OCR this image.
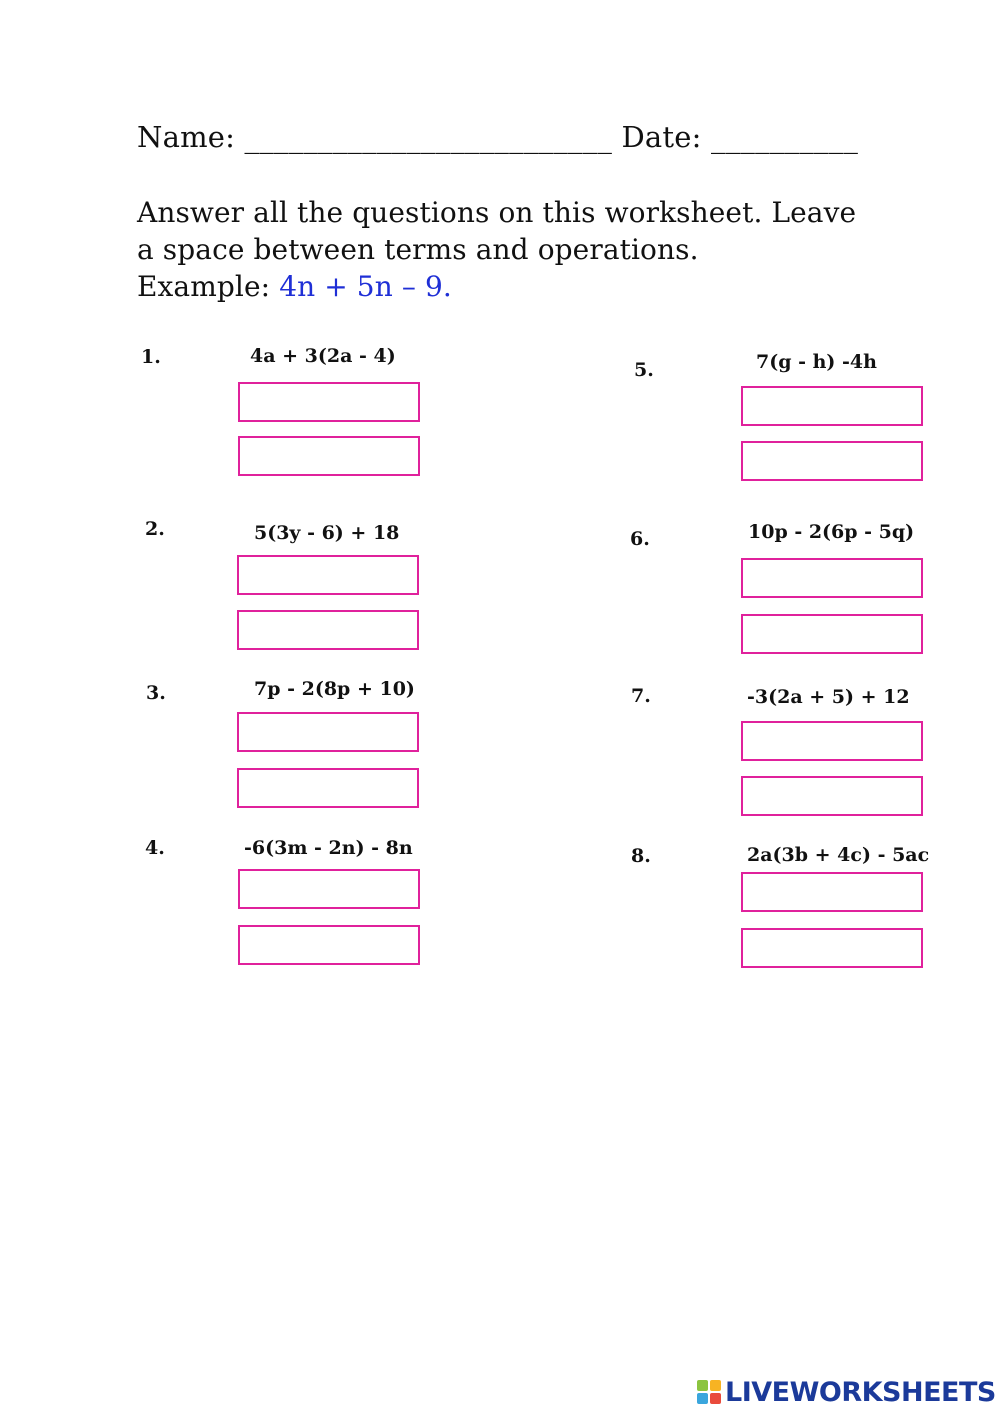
Name: _________________________ Date: __________
Answer all the questions on this worksheet. Leave
a space between terms and operations.
Example: 4n + 5n – 9.
1.	4a + 3(2a - 4)
2.	5(3y - 6) + 18
3.	7p - 2(8p + 10)
4.	-6(3m - 2n) - 8n
5.	7(g - h) -4h
6.	10p - 2(6p - 5q)
7.	-3(2a + 5) + 12
8.	2a(3b + 4c) - 5ac
LIVEWORKSHEETS
